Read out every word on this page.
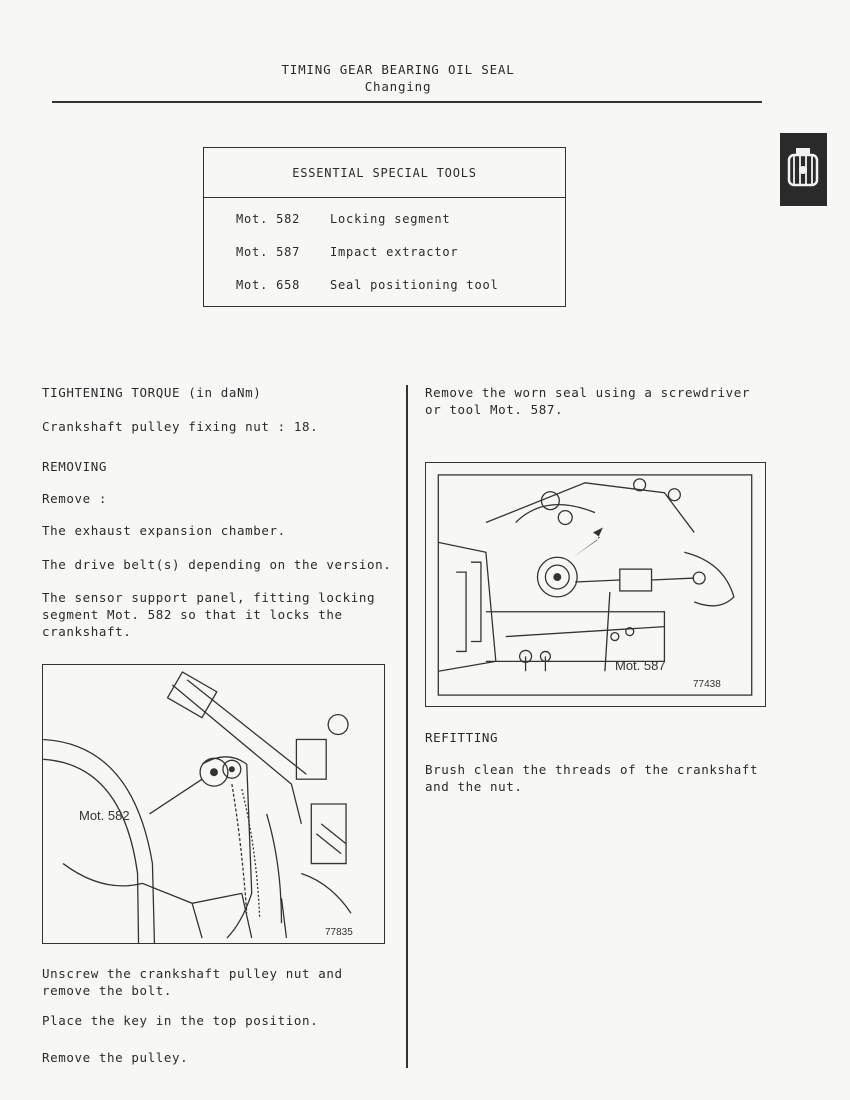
TIMING GEAR BEARING OIL SEAL
Changing
ESSENTIAL SPECIAL TOOLS
Mot. 582 Locking segment
Mot. 587 Impact extractor
Mot. 658 Seal positioning tool
TIGHTENING TORQUE (in daNm)
Crankshaft pulley fixing nut : 18.
REMOVING
Remove :
The exhaust expansion chamber.
The drive belt(s) depending on the version.
The sensor support panel, fitting locking
segment Mot. 582 so that it locks the
crankshaft.
Mot. 582
77835
Unscrew the crankshaft pulley nut and
remove the bolt.
Place the key in the top position.
Remove the pulley.
Remove the worn seal using a screwdriver
or tool Mot. 587.
Mot. 587
77438
REFITTING
Brush clean the threads of the crankshaft
and the nut.
